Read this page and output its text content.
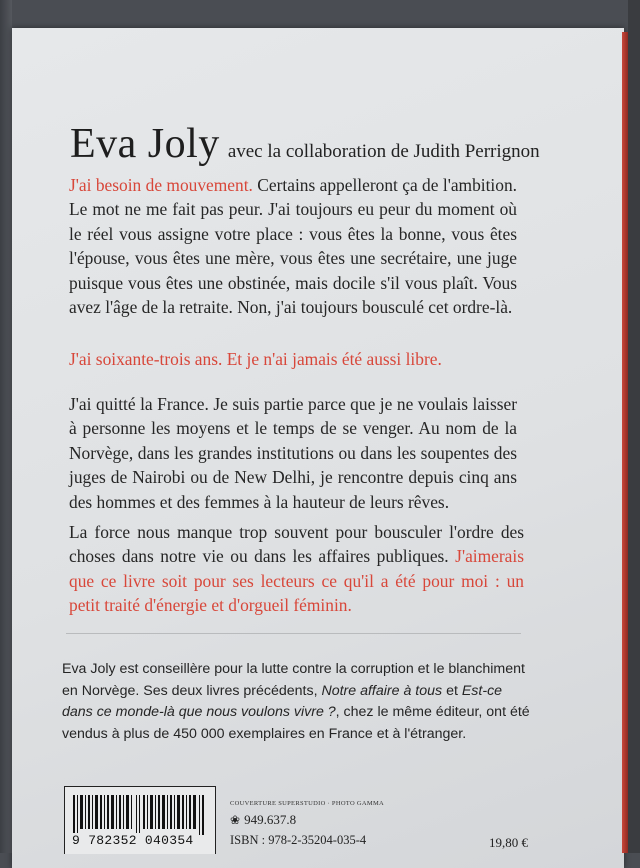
Eva Joly avec la collaboration de Judith Perrignon
J'ai besoin de mouvement. Certains appelleront ça de l'ambition. Le mot ne me fait pas peur. J'ai toujours eu peur du moment où le réel vous assigne votre place : vous êtes la bonne, vous êtes l'épouse, vous êtes une mère, vous êtes une secrétaire, une juge puisque vous êtes une obstinée, mais docile s'il vous plaît. Vous avez l'âge de la retraite. Non, j'ai toujours bousculé cet ordre-là.
J'ai soixante-trois ans. Et je n'ai jamais été aussi libre.
J'ai quitté la France. Je suis partie parce que je ne voulais laisser à personne les moyens et le temps de se venger. Au nom de la Norvège, dans les grandes institutions ou dans les soupentes des juges de Nairobi ou de New Delhi, je rencontre depuis cinq ans des hommes et des femmes à la hauteur de leurs rêves.
La force nous manque trop souvent pour bousculer l'ordre des choses dans notre vie ou dans les affaires publiques. J'aimerais que ce livre soit pour ses lecteurs ce qu'il a été pour moi : un petit traité d'énergie et d'orgueil féminin.
Eva Joly est conseillère pour la lutte contre la corruption et le blanchiment en Norvège. Ses deux livres précédents, Notre affaire à tous et Est-ce dans ce monde-là que nous voulons vivre ?, chez le même éditeur, ont été vendus à plus de 450 000 exemplaires en France et à l'étranger.
9 782352 040354
COUVERTURE SUPERSTUDIO · PHOTO GAMMA
❀ 949.637.8
ISBN : 978-2-35204-035-4	19,80 €
